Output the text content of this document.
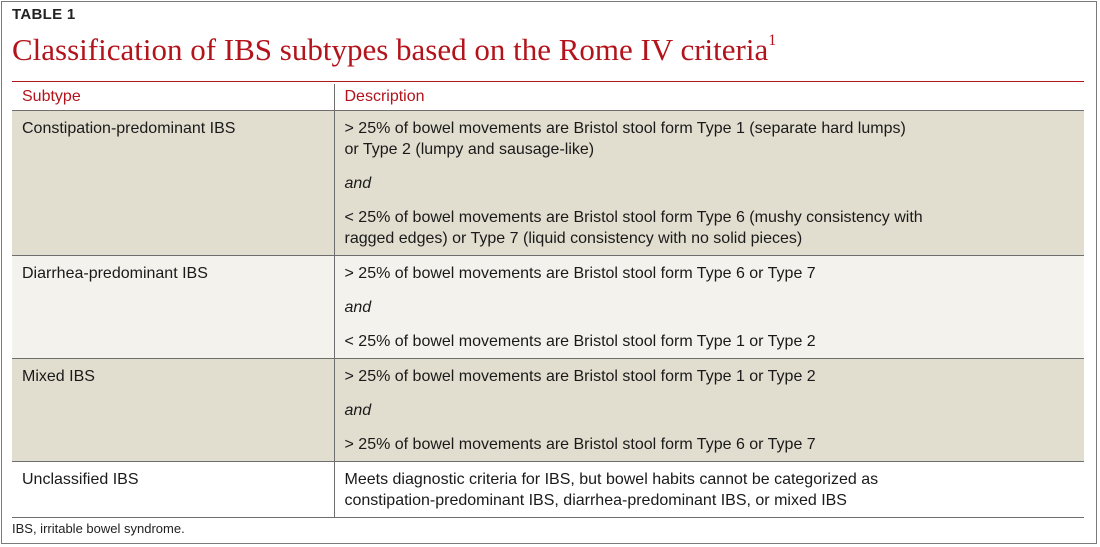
TABLE 1
Classification of IBS subtypes based on the Rome IV criteria$^1$
Subtype	Description
Constipation-predominant IBS	> 25% of bowel movements are Bristol stool form Type 1 (separate hard lumps)
or Type 2 (lumpy and sausage-like)
and
< 25% of bowel movements are Bristol stool form Type 6 (mushy consistency with
ragged edges) or Type 7 (liquid consistency with no solid pieces)

Diarrhea-predominant IBS	> 25% of bowel movements are Bristol stool form Type 6 or Type 7
and
< 25% of bowel movements are Bristol stool form Type 1 or Type 2

Mixed IBS	> 25% of bowel movements are Bristol stool form Type 1 or Type 2
and
> 25% of bowel movements are Bristol stool form Type 6 or Type 7

Unclassified IBS	Meets diagnostic criteria for IBS, but bowel habits cannot be categorized as
constipation-predominant IBS, diarrhea-predominant IBS, or mixed IBS
IBS, irritable bowel syndrome.
